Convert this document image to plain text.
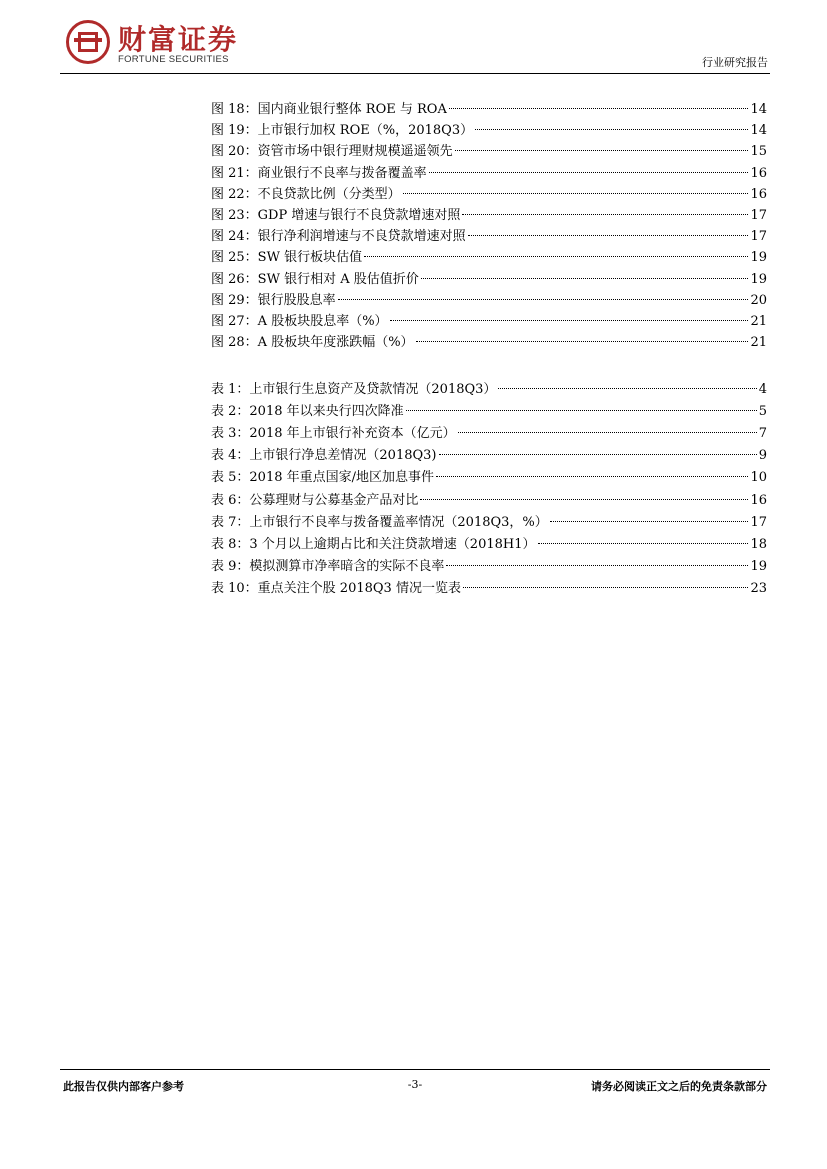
财富证券
FORTUNE SECURITIES	行业研究报告
图 18：国内商业银行整体 ROE 与 ROA	14
图 19：上市银行加权 ROE（%，2018Q3）	14
图 20：资管市场中银行理财规模遥遥领先	15
图 21：商业银行不良率与拨备覆盖率	16
图 22：不良贷款比例（分类型）	16
图 23：GDP 增速与银行不良贷款增速对照	17
图 24：银行净利润增速与不良贷款增速对照	17
图 25：SW 银行板块估值	19
图 26：SW 银行相对 A 股估值折价	19
图 29：银行股股息率	20
图 27：A 股板块股息率（%）	21
图 28：A 股板块年度涨跌幅（%）	21
表 1：上市银行生息资产及贷款情况（2018Q3）	4
表 2：2018 年以来央行四次降准	5
表 3：2018 年上市银行补充资本（亿元）	7
表 4：上市银行净息差情况（2018Q3)	9
表 5：2018 年重点国家/地区加息事件	10
表 6：公募理财与公募基金产品对比	16
表 7：上市银行不良率与拨备覆盖率情况（2018Q3，%）	17
表 8：3 个月以上逾期占比和关注贷款增速（2018H1）	18
表 9：模拟测算市净率暗含的实际不良率	19
表 10：重点关注个股 2018Q3 情况一览表	23
此报告仅供内部客户参考	-3-	请务必阅读正文之后的免责条款部分
